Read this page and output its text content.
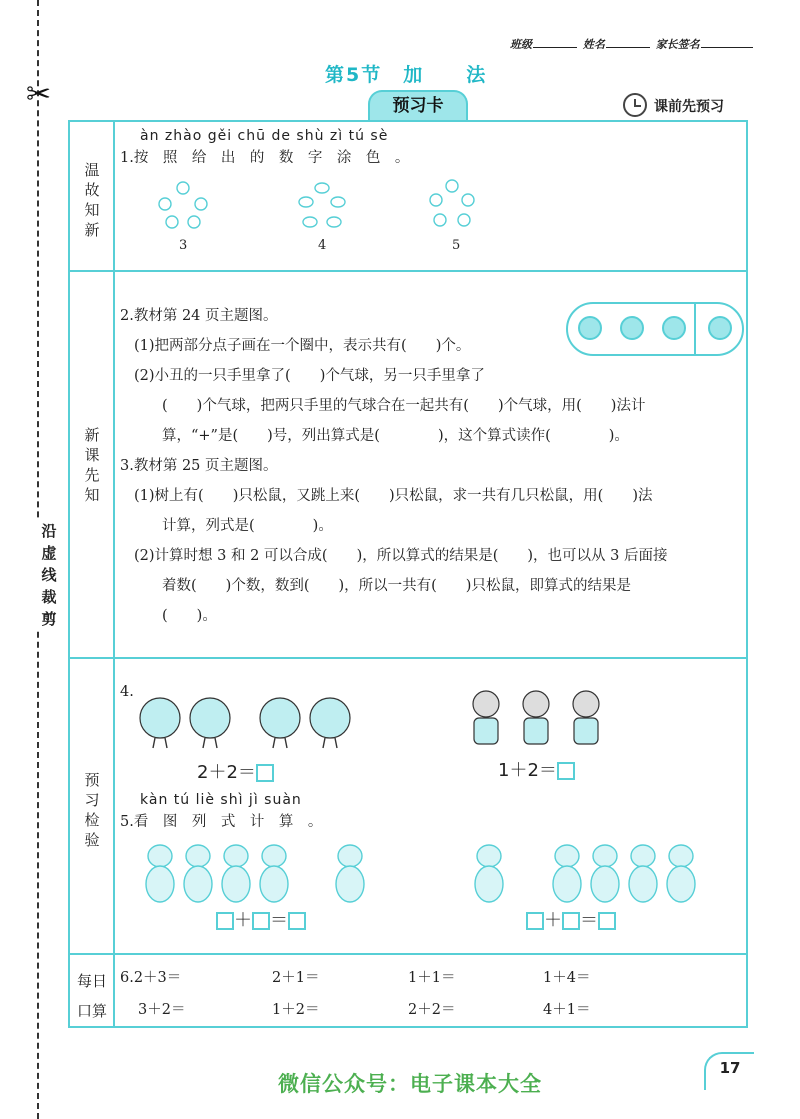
✂
沿
虚
线
裁
剪
班级	姓名	家长签名
第5节　加　　法
预习卡	课前先预习
温
故
知
新
新
课
先
知
预
习
检
验
每日
口算
àn zhào gěi chū de shù zì tú sè
1.按　照　给　出　的　数　字　涂　色　。
3	4	5
2.教材第 24 页主题图。
(1)把两部分点子画在一个圈中，表示共有(　　)个。
(2)小丑的一只手里拿了(　　)个气球，另一只手里拿了
(　　)个气球，把两只手里的气球合在一起共有(　　)个气球，用(　　)法计
算，“+”是(　　)号，列出算式是(　　　　)，这个算式读作(　　　　)。
3.教材第 25 页主题图。
(1)树上有(　　)只松鼠，又跳上来(　　)只松鼠，求一共有几只松鼠，用(　　)法
计算，列式是(　　　　)。
(2)计算时想 3 和 2 可以合成(　　)，所以算式的结果是(　　)，也可以从 3 后面接
着数(　　)个数，数到(　　)，所以一共有(　　)只松鼠，即算式的结果是
(　　)。
4.
2＋2＝	1＋2＝
kàn tú liè shì jì suàn
5.看　图　列　式　计　算　。
＋ ＝	＋ ＝
6.2＋3＝	2＋1＝	1＋1＝	1＋4＝
3＋2＝	1＋2＝	2＋2＝	4＋1＝
微信公众号：电子课本大全
17
